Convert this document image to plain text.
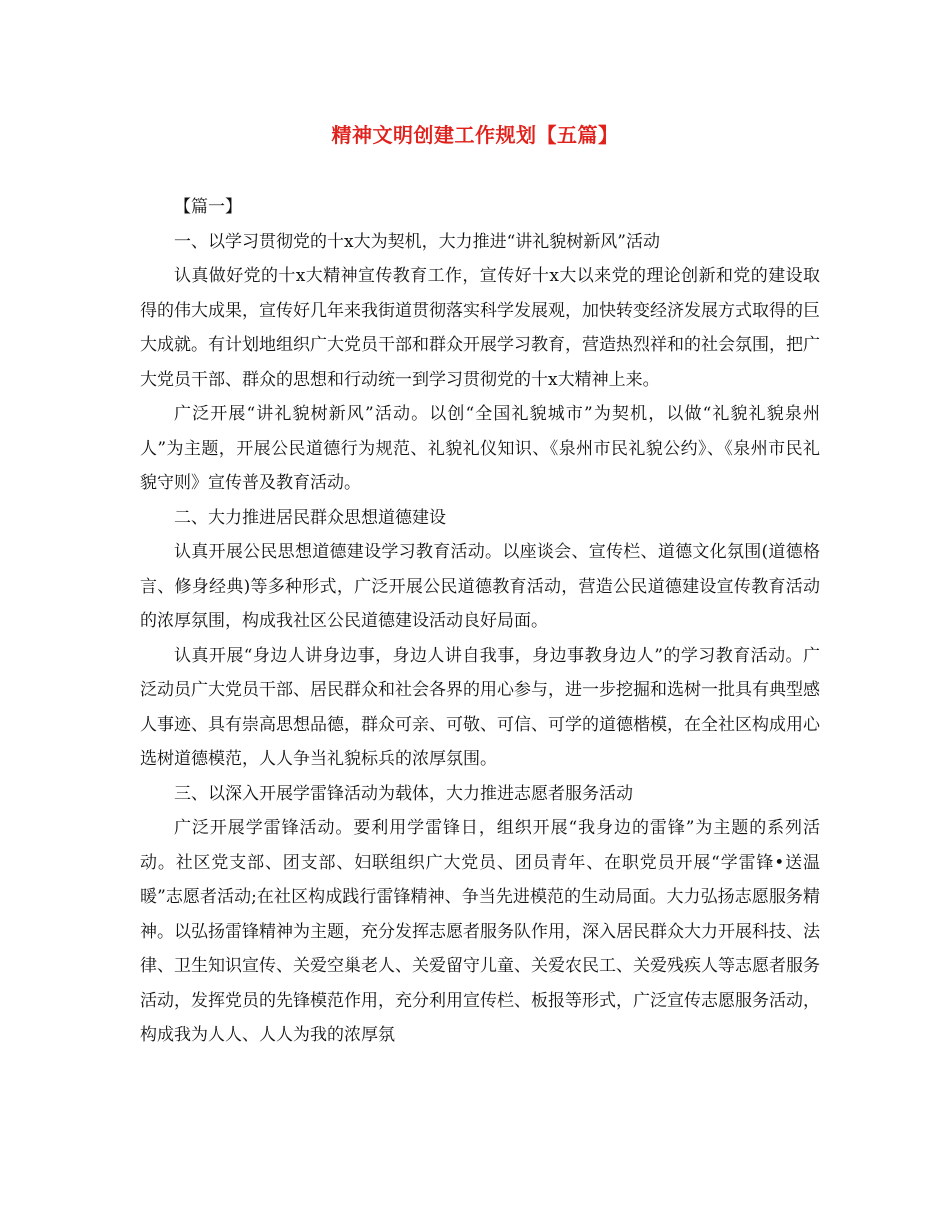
精神文明创建工作规划【五篇】

【篇一】

一、以学习贯彻党的十x大为契机，大力推进“讲礼貌树新风”活动

认真做好党的十x大精神宣传教育工作，宣传好十x大以来党的理论创新和党的建设取得的伟大成果，宣传好几年来我街道贯彻落实科学发展观，加快转变经济发展方式取得的巨大成就。有计划地组织广大党员干部和群众开展学习教育，营造热烈祥和的社会氛围，把广大党员干部、群众的思想和行动统一到学习贯彻党的十x大精神上来。

广泛开展“讲礼貌树新风”活动。以创“全国礼貌城市”为契机，以做“礼貌礼貌泉州人”为主题，开展公民道德行为规范、礼貌礼仪知识、《泉州市民礼貌公约》、《泉州市民礼貌守则》宣传普及教育活动。

二、大力推进居民群众思想道德建设

认真开展公民思想道德建设学习教育活动。以座谈会、宣传栏、道德文化氛围(道德格言、修身经典)等多种形式，广泛开展公民道德教育活动，营造公民道德建设宣传教育活动的浓厚氛围，构成我社区公民道德建设活动良好局面。

认真开展“身边人讲身边事，身边人讲自我事，身边事教身边人”的学习教育活动。广泛动员广大党员干部、居民群众和社会各界的用心参与，进一步挖掘和选树一批具有典型感人事迹、具有崇高思想品德，群众可亲、可敬、可信、可学的道德楷模，在全社区构成用心选树道德模范，人人争当礼貌标兵的浓厚氛围。

三、以深入开展学雷锋活动为载体，大力推进志愿者服务活动

广泛开展学雷锋活动。要利用学雷锋日，组织开展“我身边的雷锋”为主题的系列活动。社区党支部、团支部、妇联组织广大党员、团员青年、在职党员开展“学雷锋•送温暖”志愿者活动;在社区构成践行雷锋精神、争当先进模范的生动局面。大力弘扬志愿服务精神。以弘扬雷锋精神为主题，充分发挥志愿者服务队作用，深入居民群众大力开展科技、法律、卫生知识宣传、关爱空巢老人、关爱留守儿童、关爱农民工、关爱残疾人等志愿者服务活动，发挥党员的先锋模范作用，充分利用宣传栏、板报等形式，广泛宣传志愿服务活动，构成我为人人、人人为我的浓厚氛
